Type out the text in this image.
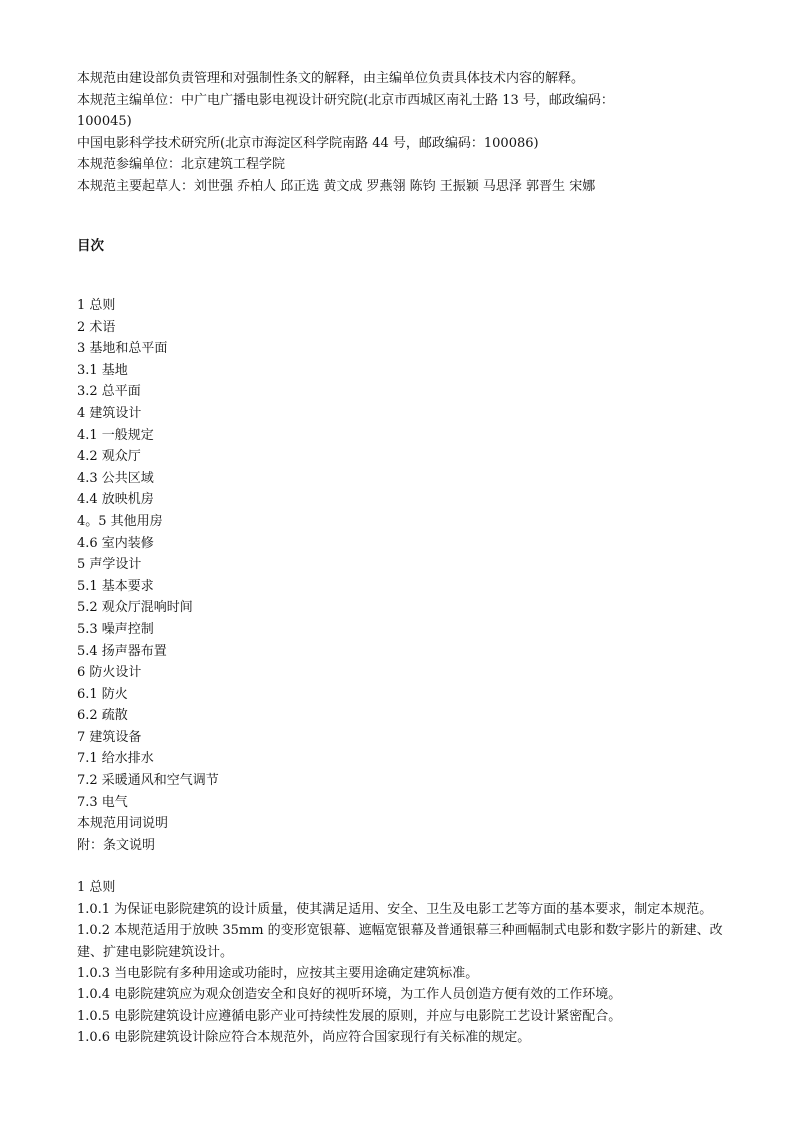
本规范由建设部负责管理和对强制性条文的解释，由主编单位负责具体技术内容的解释。
本规范主编单位：中广电广播电影电视设计研究院(北京市西城区南礼士路 13 号，邮政编码：
100045)
中国电影科学技术研究所(北京市海淀区科学院南路 44 号，邮政编码：100086)
本规范参编单位：北京建筑工程学院
本规范主要起草人：刘世强 乔柏人 邱正选 黄文成 罗燕翎 陈钧 王振颖 马思泽 郭晋生 宋娜
目次
1 总则
2 术语
3 基地和总平面
3.1 基地
3.2 总平面
4 建筑设计
4.1 一般规定
4.2 观众厅
4.3 公共区域
4.4 放映机房
4。5 其他用房
4.6 室内装修
5 声学设计
5.1 基本要求
5.2 观众厅混响时间
5.3 噪声控制
5.4 扬声器布置
6 防火设计
6.1 防火
6.2 疏散
7 建筑设备
7.1 给水排水
7.2 采暖通风和空气调节
7.3 电气
本规范用词说明
附：条文说明
1 总则
1.0.1 为保证电影院建筑的设计质量，使其满足适用、安全、卫生及电影工艺等方面的基本要求，制定本规范。
1.0.2 本规范适用于放映 35mm 的变形宽银幕、遮幅宽银幕及普通银幕三种画幅制式电影和数字影片的新建、改建、扩建电影院建筑设计。
1.0.3 当电影院有多种用途或功能时，应按其主要用途确定建筑标准。
1.0.4 电影院建筑应为观众创造安全和良好的视听环境，为工作人员创造方便有效的工作环境。
1.0.5 电影院建筑设计应遵循电影产业可持续性发展的原则，并应与电影院工艺设计紧密配合。
1.0.6 电影院建筑设计除应符合本规范外，尚应符合国家现行有关标准的规定。
